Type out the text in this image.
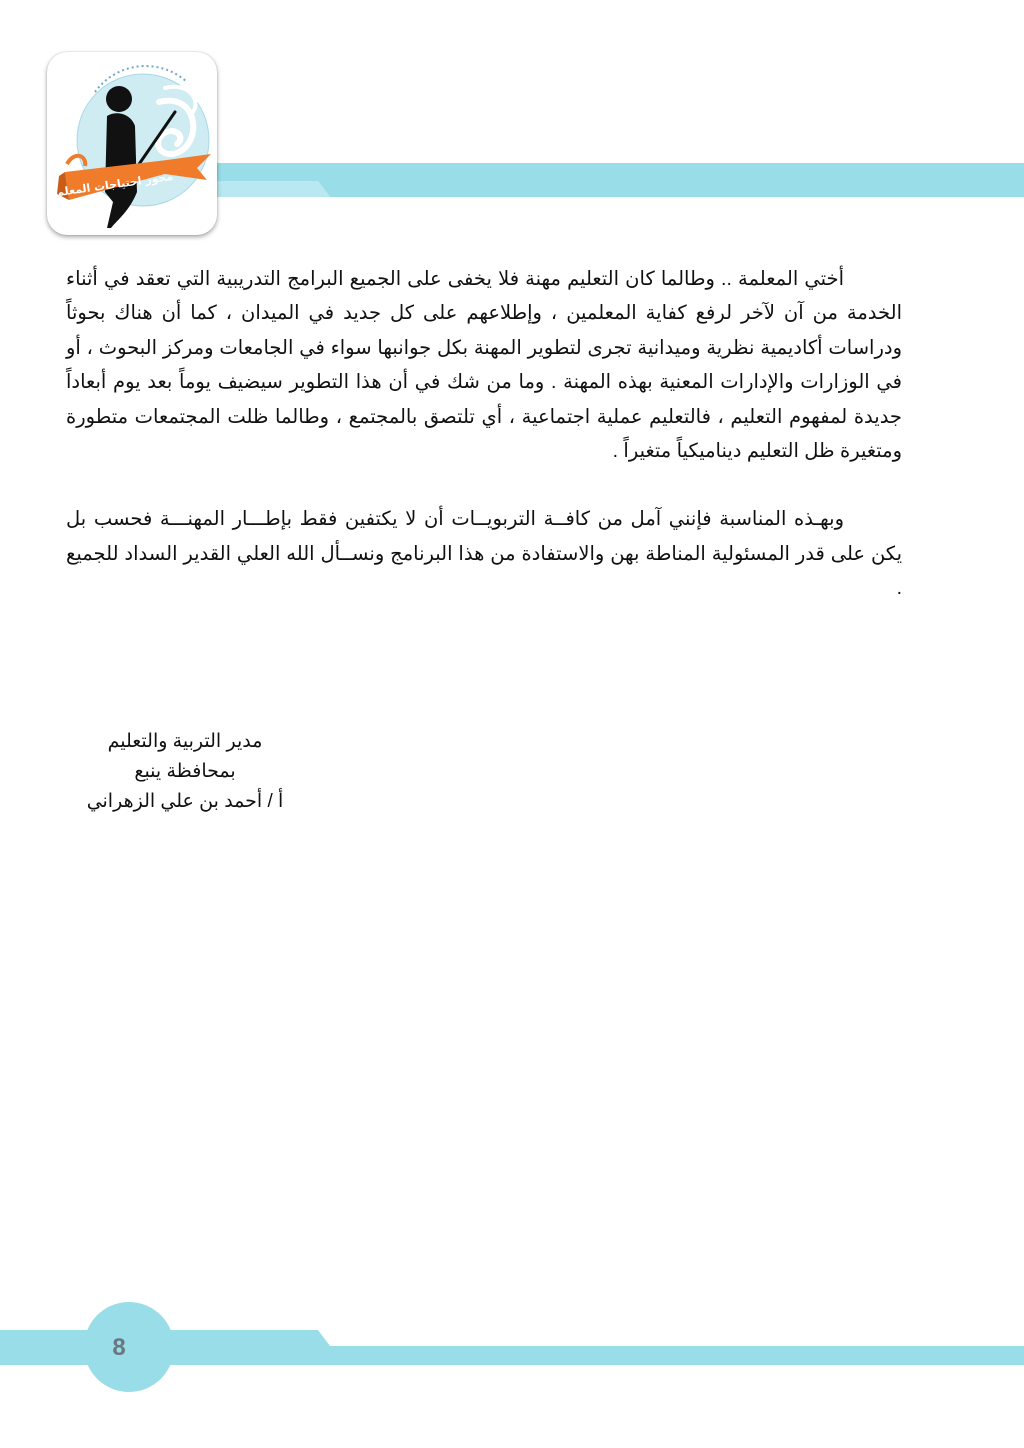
محور احتياجات المعلم

أختي المعلمة .. وطالما كان التعليم مهنة فلا يخفى على الجميع البرامج التدريبية التي تعقد في أثناء الخدمة من آن لآخر لرفع كفاية المعلمين ، وإطلاعهم على كل جديد في الميدان ، كما أن هناك بحوثاً ودراسات أكاديمية نظرية وميدانية تجرى لتطوير المهنة بكل جوانبها سواء في الجامعات ومركز البحوث ، أو في الوزارات والإدارات المعنية بهذه المهنة . وما من شك في أن هذا التطوير سيضيف يوماً بعد يوم أبعاداً جديدة لمفهوم التعليم ، فالتعليم عملية اجتماعية ، أي تلتصق بالمجتمع ، وطالما ظلت المجتمعات متطورة ومتغيرة ظل التعليم ديناميكياً متغيراً .

وبهـذه المناسبة فإنني آمل من كافــة التربويــات أن لا يكتفين فقط بإطـــار المهنـــة فحسب بل يكن على قدر المسئولية المناطة بهن والاستفادة من هذا البرنامج ونســأل الله العلي القدير السداد للجميع .

مدير التربية والتعليم
بمحافظة ينبع
أ / أحمد بن علي الزهراني
8
